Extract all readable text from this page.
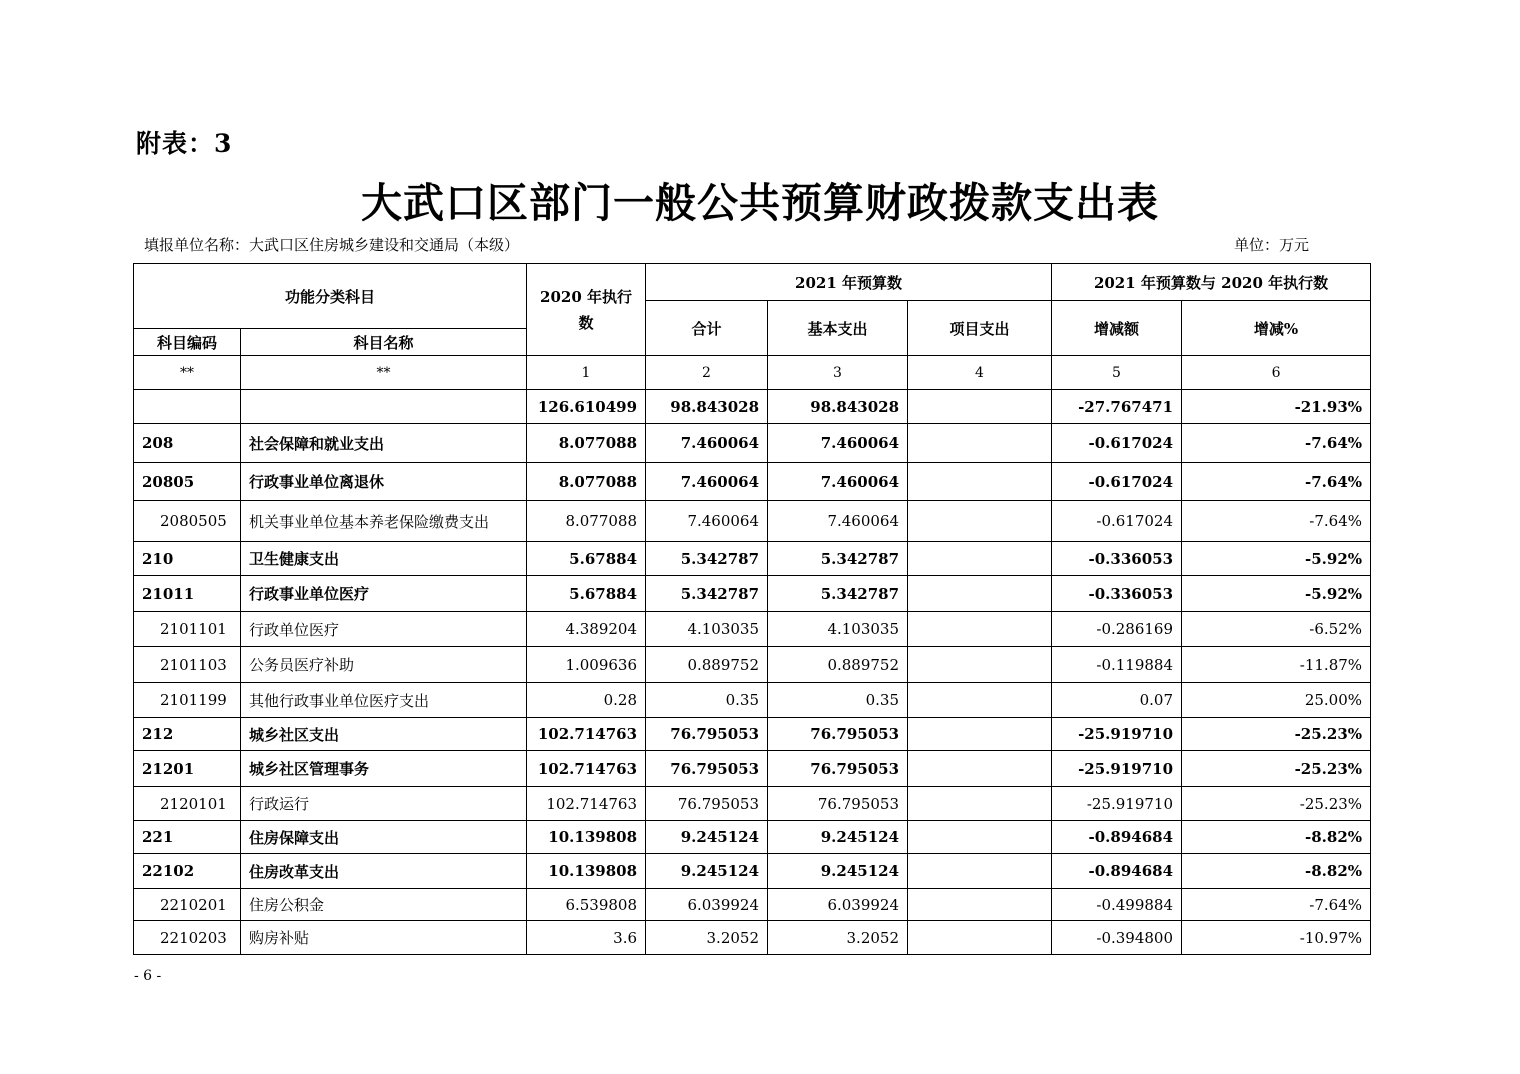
附表：3
大武口区部门一般公共预算财政拨款支出表
填报单位名称：大武口区住房城乡建设和交通局（本级）	单位：万元
功能分类科目		2020 年执行数	2021 年预算数			2021 年预算数与 2020 年执行数	
			合计	基本支出	项目支出	增减额	增减%
科目编码	科目名称						
**	**	1	2	3	4	5	6
		126.610499	98.843028	98.843028		-27.767471	-21.93%
208	社会保障和就业支出	8.077088	7.460064	7.460064		-0.617024	-7.64%
20805	行政事业单位离退休	8.077088	7.460064	7.460064		-0.617024	-7.64%
2080505	机关事业单位基本养老保险缴费支出	8.077088	7.460064	7.460064		-0.617024	-7.64%
210	卫生健康支出	5.67884	5.342787	5.342787		-0.336053	-5.92%
21011	行政事业单位医疗	5.67884	5.342787	5.342787		-0.336053	-5.92%
2101101	行政单位医疗	4.389204	4.103035	4.103035		-0.286169	-6.52%
2101103	公务员医疗补助	1.009636	0.889752	0.889752		-0.119884	-11.87%
2101199	其他行政事业单位医疗支出	0.28	0.35	0.35		0.07	25.00%
212	城乡社区支出	102.714763	76.795053	76.795053		-25.919710	-25.23%
21201	城乡社区管理事务	102.714763	76.795053	76.795053		-25.919710	-25.23%
2120101	行政运行	102.714763	76.795053	76.795053		-25.919710	-25.23%
221	住房保障支出	10.139808	9.245124	9.245124		-0.894684	-8.82%
22102	住房改革支出	10.139808	9.245124	9.245124		-0.894684	-8.82%
2210201	住房公积金	6.539808	6.039924	6.039924		-0.499884	-7.64%
2210203	购房补贴	3.6	3.2052	3.2052		-0.394800	-10.97%
- 6 -
